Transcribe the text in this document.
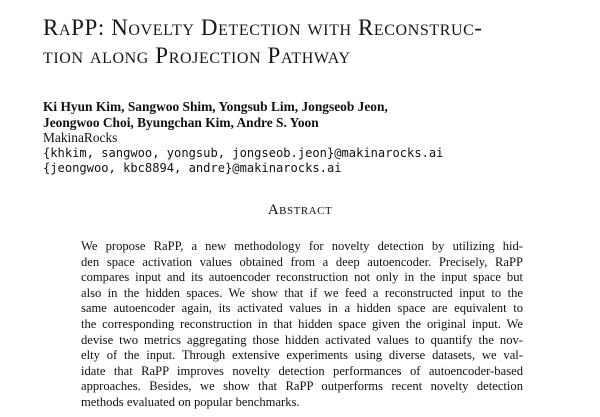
RaPP: Novelty Detection with Reconstruc-
tion along Projection Pathway
Ki Hyun Kim, Sangwoo Shim, Yongsub Lim, Jongseob Jeon,
Jeongwoo Choi, Byungchan Kim, Andre S. Yoon
MakinaRocks
{khkim, sangwoo, yongsub, jongseob.jeon}@makinarocks.ai
{jeongwoo, kbc8894, andre}@makinarocks.ai
Abstract
We propose RaPP, a new methodology for novelty detection by utilizing hid-
den space activation values obtained from a deep autoencoder. Precisely, RaPP
compares input and its autoencoder reconstruction not only in the input space but
also in the hidden spaces. We show that if we feed a reconstructed input to the
same autoencoder again, its activated values in a hidden space are equivalent to
the corresponding reconstruction in that hidden space given the original input. We
devise two metrics aggregating those hidden activated values to quantify the nov-
elty of the input. Through extensive experiments using diverse datasets, we val-
idate that RaPP improves novelty detection performances of autoencoder-based
approaches. Besides, we show that RaPP outperforms recent novelty detection
methods evaluated on popular benchmarks.
